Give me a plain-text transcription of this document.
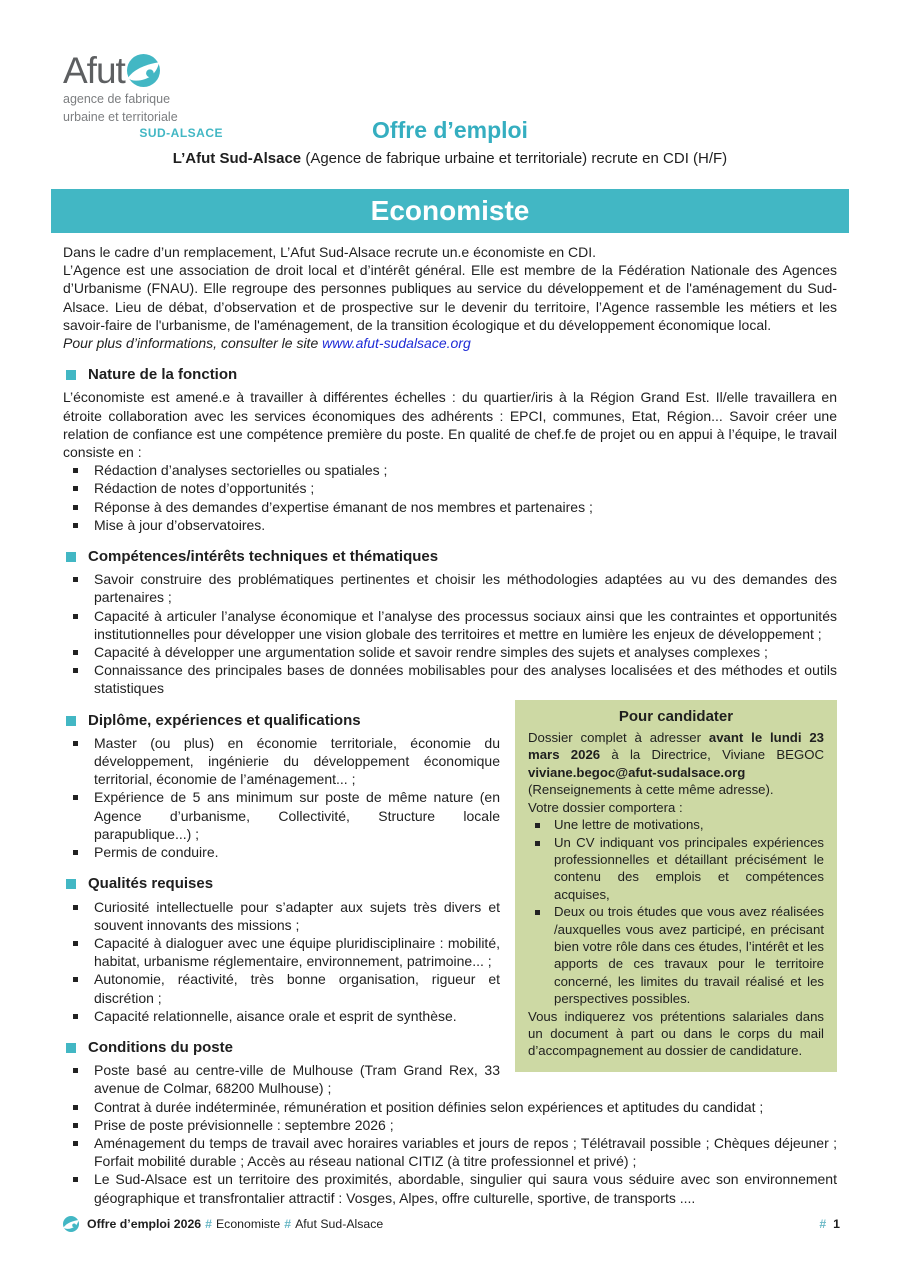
Afut
agence de fabrique
urbaine et territoriale
SUD-ALSACE	Offre d’emploi
L’Afut Sud-Alsace (Agence de fabrique urbaine et territoriale) recrute en CDI (H/F)
Economiste

Dans le cadre d’un remplacement, L’Afut Sud-Alsace recrute un.e économiste en CDI.

L’Agence est une association de droit local et d’intérêt général. Elle est membre de la Fédération Nationale des Agences d’Urbanisme (FNAU). Elle regroupe des personnes publiques au service du développement et de l'aménagement du Sud-Alsace. Lieu de débat, d’observation et de prospective sur le devenir du territoire, l’Agence rassemble les métiers et les savoir-faire de l'urbanisme, de l'aménagement, de la transition écologique et du développement économique local.

Pour plus d’informations, consulter le site www.afut-sudalsace.org

Nature de la fonction

L’économiste est amené.e à travailler à différentes échelles : du quartier/iris à la Région Grand Est. Il/elle travaillera en étroite collaboration avec les services économiques des adhérents : EPCI, communes, Etat, Région... Savoir créer une relation de confiance est une compétence première du poste. En qualité de chef.fe de projet ou en appui à l’équipe, le travail consiste en :

Rédaction d’analyses sectorielles ou spatiales ;
Rédaction de notes d’opportunités ;
Réponse à des demandes d’expertise émanant de nos membres et partenaires ;
Mise à jour d’observatoires.
Compétences/intérêts techniques et thématiques
Savoir construire des problématiques pertinentes et choisir les méthodologies adaptées au vu des demandes des partenaires ;
Capacité à articuler l’analyse économique et l’analyse des processus sociaux ainsi que les contraintes et opportunités institutionnelles pour développer une vision globale des territoires et mettre en lumière les enjeux de développement ;
Capacité à développer une argumentation solide et savoir rendre simples des sujets et analyses complexes ;
Connaissance des principales bases de données mobilisables pour des analyses localisées et des méthodes et outils statistiques
Pour candidater

Dossier complet à adresser avant le lundi 23 mars 2026 à la Directrice, Viviane BEGOC viviane.begoc@afut-sudalsace.org (Renseignements à cette même adresse).

Votre dossier comportera :

Une lettre de motivations,
Un CV indiquant vos principales expériences professionnelles et détaillant précisément le contenu des emplois et compétences acquises,
Deux ou trois études que vous avez réalisées /auxquelles vous avez participé, en précisant bien votre rôle dans ces études, l’intérêt et les apports de ces travaux pour le territoire concerné, les limites du travail réalisé et les perspectives possibles.

Vous indiquerez vos prétentions salariales dans un document à part ou dans le corps du mail d’accompagnement au dossier de candidature.

Diplôme, expériences et qualifications
Master (ou plus) en économie territoriale, économie du développement, ingénierie du développement économique territorial, économie de l’aménagement... ;
Expérience de 5 ans minimum sur poste de même nature (en Agence d’urbanisme, Collectivité, Structure locale parapublique...) ;
Permis de conduire.
Qualités requises
Curiosité intellectuelle pour s’adapter aux sujets très divers et souvent innovants des missions ;
Capacité à dialoguer avec une équipe pluridisciplinaire : mobilité, habitat, urbanisme réglementaire, environnement, patrimoine... ;
Autonomie, réactivité, très bonne organisation, rigueur et discrétion ;
Capacité relationnelle, aisance orale et esprit de synthèse.
Conditions du poste
Poste basé au centre-ville de Mulhouse (Tram Grand Rex, 33 avenue de Colmar, 68200 Mulhouse) ;
Contrat à durée indéterminée, rémunération et position définies selon expériences et aptitudes du candidat ;
Prise de poste prévisionnelle : septembre 2026 ;
Aménagement du temps de travail avec horaires variables et jours de repos ; Télétravail possible ; Chèques déjeuner ; Forfait mobilité durable ; Accès au réseau national CITIZ (à titre professionnel et privé) ;
Le Sud-Alsace est un territoire des proximités, abordable, singulier qui saura vous séduire avec son environnement géographique et transfrontalier attractif : Vosges, Alpes, offre culturelle, sportive, de transports ....
Offre d’emploi 2026 # Economiste # Afut Sud-Alsace	# 1
